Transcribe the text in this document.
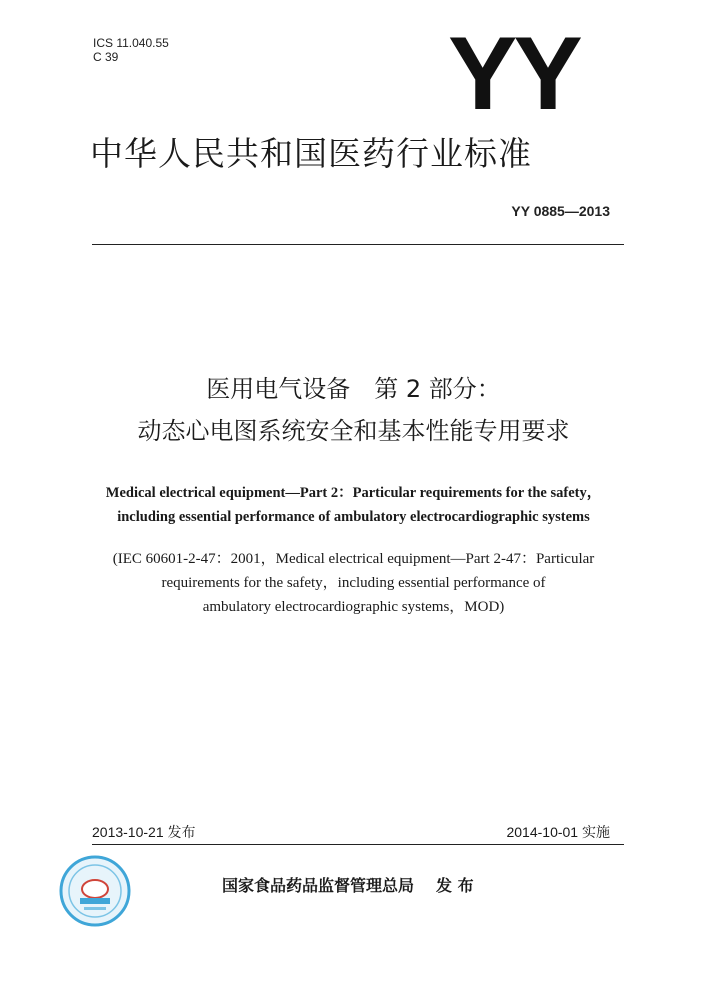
ICS 11.040.55
C 39	YY
中华人民共和国医药行业标准
YY 0885—2013
医用电气设备　第 2 部分：
动态心电图系统安全和基本性能专用要求
Medical electrical equipment—Part 2：Particular requirements for the safety，
including essential performance of ambulatory electrocardiographic systems
(IEC 60601-2-47：2001，Medical electrical equipment—Part 2-47：Particular
requirements for the safety，including essential performance of
ambulatory electrocardiographic systems，MOD)
2013-10-21 发布	2014-10-01 实施
国家食品药品监督管理总局 发 布
